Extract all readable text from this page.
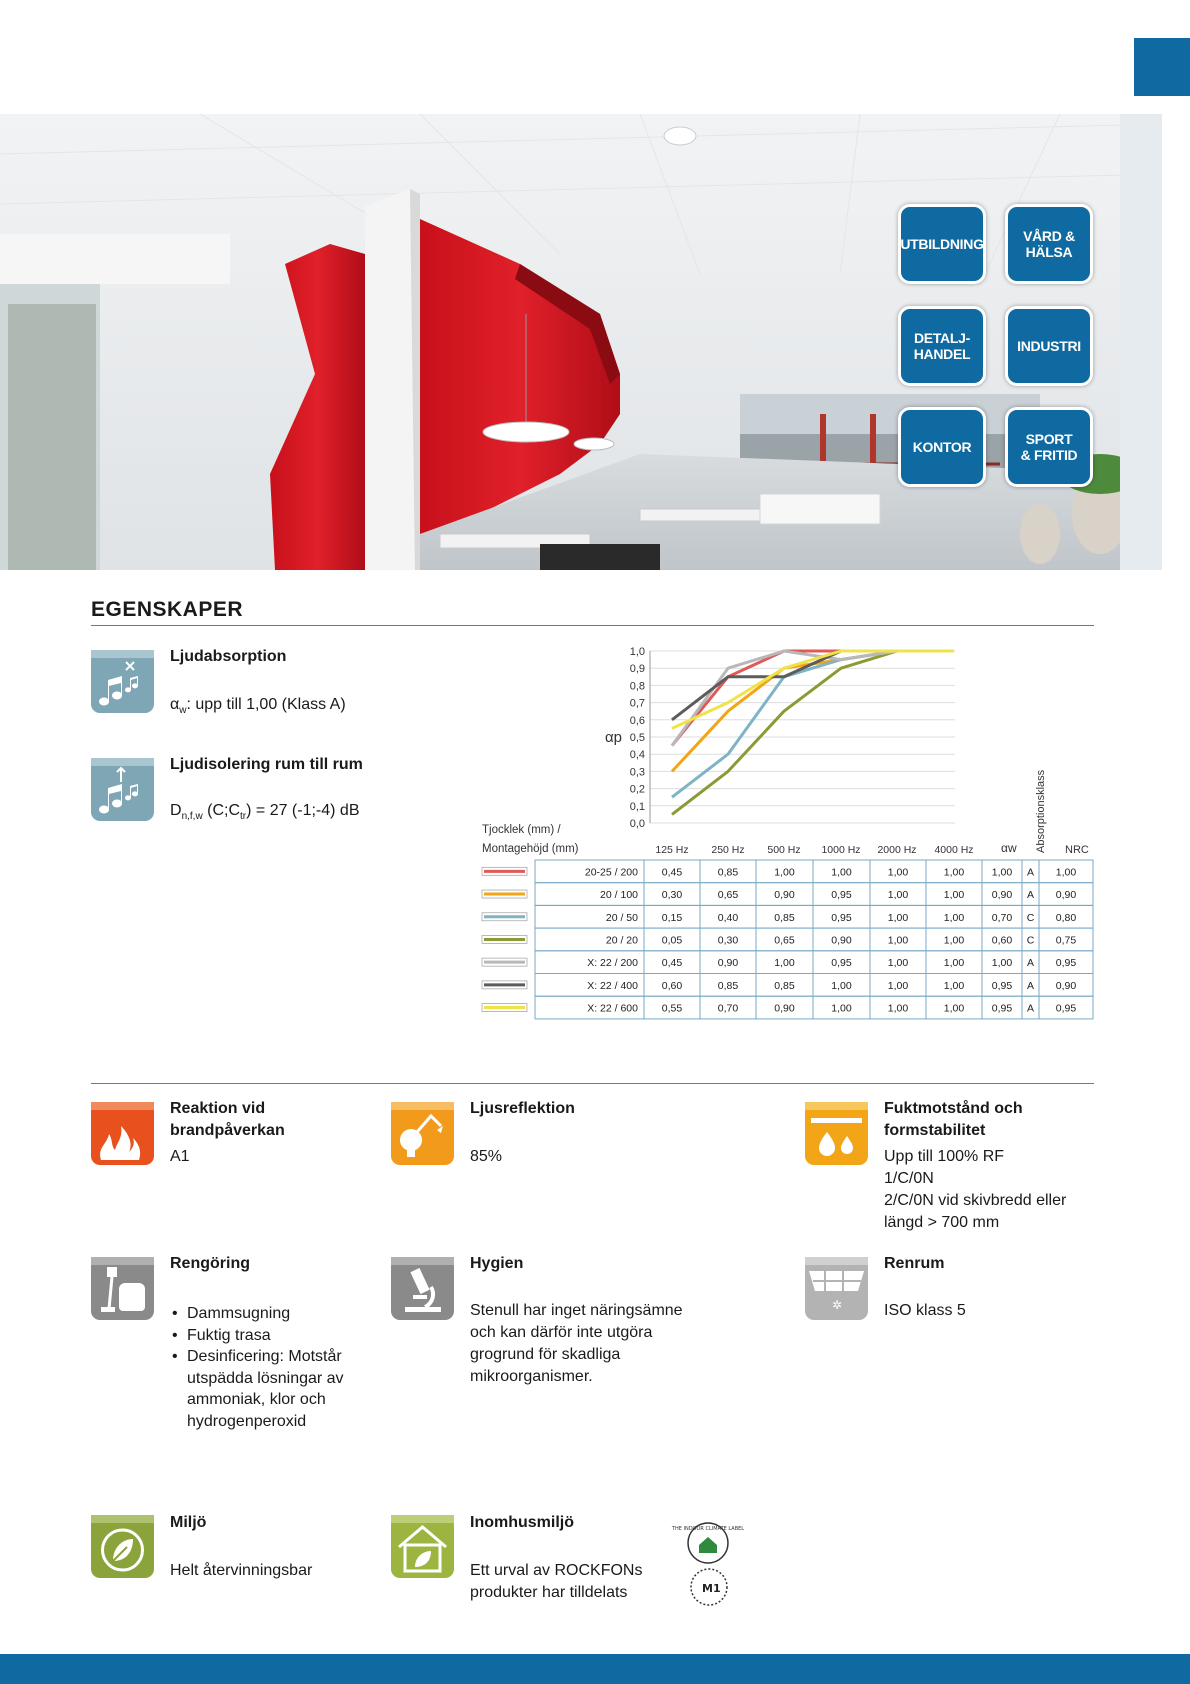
UTBILDNING
VÅRD & HÄLSA
DETALJ-HANDEL
INDUSTRI
KONTOR
SPORT & FRITID
EGENSKAPER
Ljudabsorption
$\alpha_w$: upp till 1,00 (Klass A)
Ljudisolering rum till rum
$D_{n,f,w}$ $(C;C_{tr}) = 27$ (-1;-4) dB
1,0
0,9
0,8
0,7
0,6
0,5
0,4
0,3
0,2
0,1
0,0
αp
125 Hz 250 Hz 500 Hz 1000 Hz 2000 Hz 4000 Hz
Tjocklek (mm) /
Montagehöjd (mm)	αw Absorptionsklass NRC
20-25 / 200 0,45	0,85	1,00	1,00	1,00	1,00	1,00 A 1,00
20 / 100 0,30	0,65	0,90	0,95	1,00	1,00	0,90 A 0,90
20 / 50 0,15	0,40	0,85	0,95	1,00	1,00	0,70 C 0,80
20 / 20 0,05	0,30	0,65	0,90	1,00	1,00	0,60 C 0,75
X: 22 / 200 0,45	0,90	1,00	0,95	1,00	1,00	1,00 A 0,95
X: 22 / 400 0,60	0,85	0,85	1,00	1,00	1,00	0,95 A 0,90
X: 22 / 600 0,55	0,70	0,90	1,00	1,00	1,00	0,95 A 0,95
Reaktion vid brandpåverkan
A1
Ljusreflektion
85%
Fuktmotstånd och formstabilitet
Upp till 100% RF
1/C/0N
2/C/0N vid skivbredd eller
längd > 700 mm
Rengöring
• Dammsugning
• Fuktig trasa
• Desinficering: Motstår utspädda lösningar av ammoniak, klor och hydrogenperoxid
Hygien
Stenull har inget näringsämne och kan därför inte utgöra grogrund för skadliga mikroorganismer.
✲
Renrum
ISO klass 5
Miljö
Helt återvinningsbar
Inomhusmiljö
Ett urval av ROCKFONs produkter har tilldelats
THE INDOOR CLIMATE LABEL
M1
